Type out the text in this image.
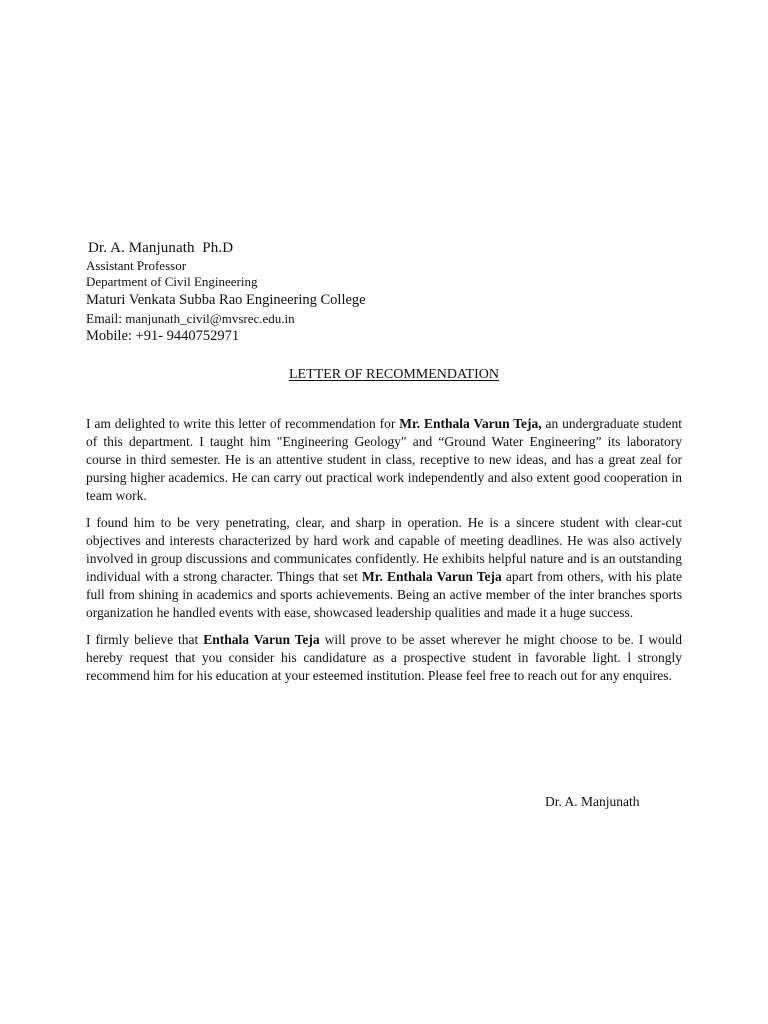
Dr. A. Manjunath Ph.D
Assistant Professor
Department of Civil Engineering
Maturi Venkata Subba Rao Engineering College
Email: manjunath_civil@mvsrec.edu.in
Mobile: +91- 9440752971
LETTER OF RECOMMENDATION

I am delighted to write this letter of recommendation for Mr. Enthala Varun Teja, an undergraduate student of this department. I taught him "Engineering Geology" and “Ground Water Engineering” its laboratory course in third semester. He is an attentive student in class, receptive to new ideas, and has a great zeal for pursing higher academics. He can carry out practical work independently and also extent good cooperation in team work.

I found him to be very penetrating, clear, and sharp in operation. He is a sincere student with clear-cut objectives and interests characterized by hard work and capable of meeting deadlines. He was also actively involved in group discussions and communicates confidently. He exhibits helpful nature and is an outstanding individual with a strong character. Things that set Mr. Enthala Varun Teja apart from others, with his plate full from shining in academics and sports achievements. Being an active member of the inter branches sports organization he handled events with ease, showcased leadership qualities and made it a huge success.

I firmly believe that Enthala Varun Teja will prove to be asset wherever he might choose to be. I would hereby request that you consider his candidature as a prospective student in favorable light. l strongly recommend him for his education at your esteemed institution. Please feel free to reach out for any enquires.

Dr. A. Manjunath
